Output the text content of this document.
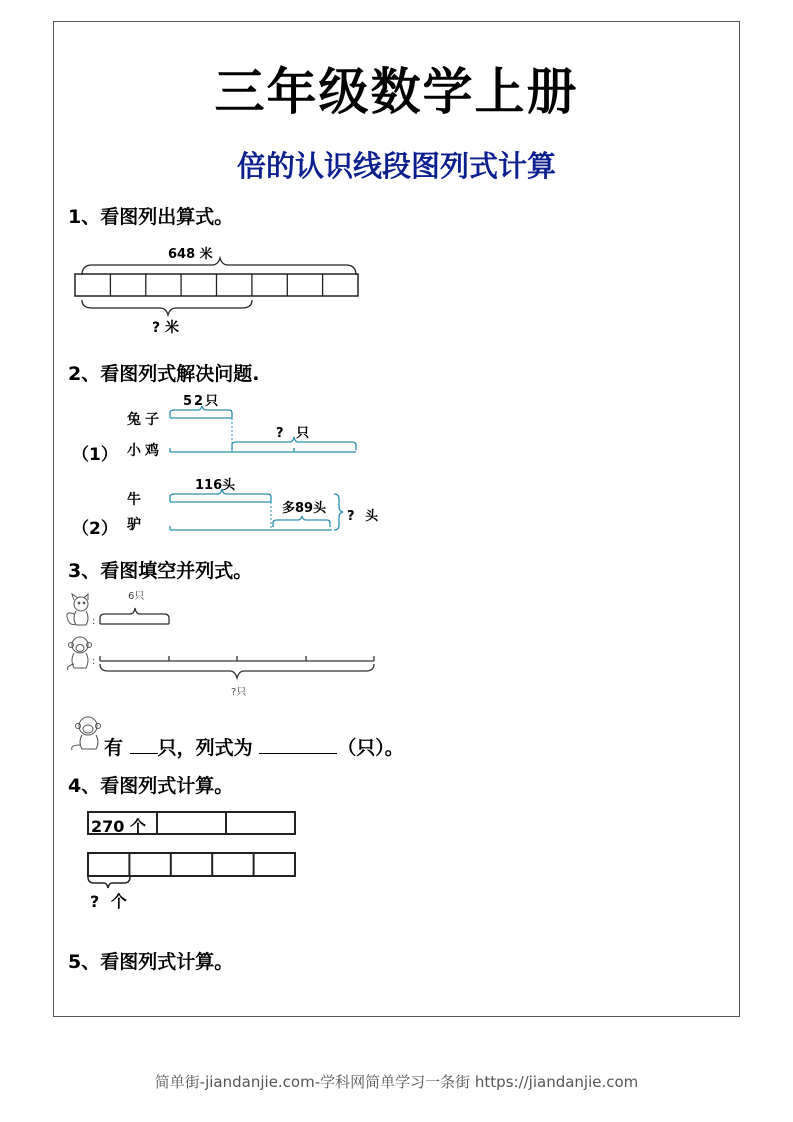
三年级数学上册
倍的认识线段图列式计算
1、看图列出算式。
648 米
? 米
2、看图列式解决问题.
52只
兔子
（1） 小鸡
? 只
116头
牛
（2） 驴
多89头
? 头
3、看图填空并列式。
6只
?只
:
:
有 只，列式为	（只）。
4、看图列式计算。
270 个
? 个
5、看图列式计算。
简单街-jiandanjie.com-学科网简单学习一条街 https://jiandanjie.com
